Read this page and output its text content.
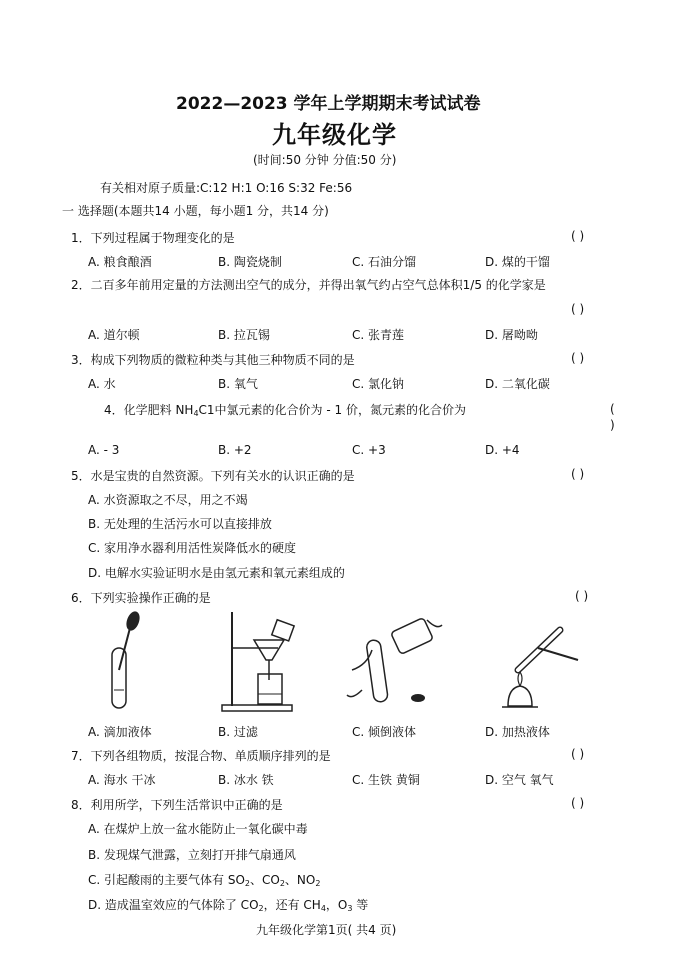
2022—2023 学年上学期期末考试试卷
九年级化学
(时间:50 分钟 分值:50 分)
有关相对原子质量:C:12 H:1 O:16 S:32 Fe:56
一 选择题(本题共14 小题，每小题1 分，共14 分)
1．下列过程属于物理变化的是	( )
A. 粮食酿酒	B. 陶瓷烧制	C. 石油分馏	D. 煤的干馏
2．二百多年前用定量的方法测出空气的成分，并得出氧气约占空气总体积1/5 的化学家是
( )
A. 道尔顿	B. 拉瓦锡	C. 张青莲	D. 屠呦呦
3．构成下列物质的微粒种类与其他三种物质不同的是	( )
A. 水	B. 氧气	C. 氯化钠	D. 二氧化碳
4．化学肥料 $NH_4C1$中氯元素的化合价为 - 1 价，氮元素的化合价为	(
)
A. - 3	B. +2	C. +3	D. +4
5．水是宝贵的自然资源。下列有关水的认识正确的是	( )
A. 水资源取之不尽，用之不竭
B. 无处理的生活污水可以直接排放
C. 家用净水器利用活性炭降低水的硬度
D. 电解水实验证明水是由氢元素和氧元素组成的
6．下列实验操作正确的是	( )
A. 滴加液体	B. 过滤	C. 倾倒液体	D. 加热液体
7．下列各组物质，按混合物、单质顺序排列的是	( )
A. 海水 干冰	B. 冰水 铁	C. 生铁 黄铜	D. 空气 氧气
8．利用所学，下列生活常识中正确的是	( )
A. 在煤炉上放一盆水能防止一氧化碳中毒
B. 发现煤气泄露，立刻打开排气扇通风
C. 引起酸雨的主要气体有 $SO_2$、$CO_2$、$NO_2$
D. 造成温室效应的气体除了 $CO_2$，还有 $CH_4$，$O_3$ 等
九年级化学第1页( 共4 页)
